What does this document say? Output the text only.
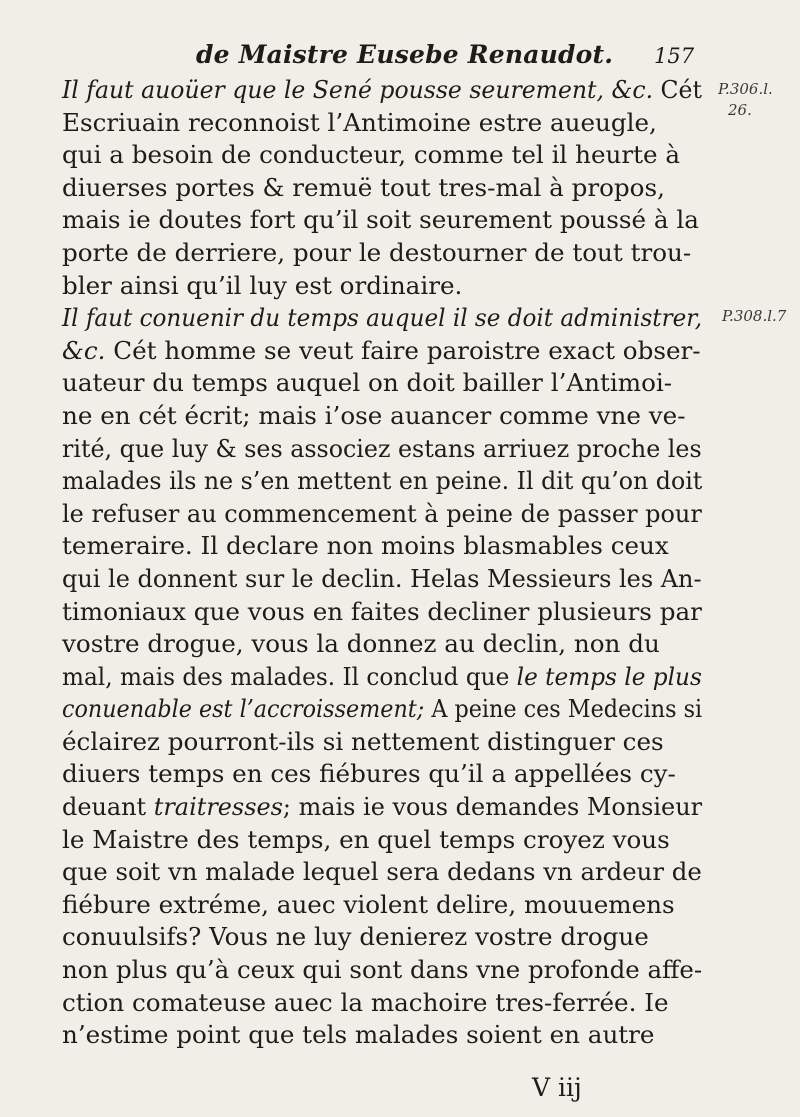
de Maistre Eusebe Renaudot. 157
P.306.l.
26.
P.308.l.7
Il faut auoüer que le Sené pousse seurement, &c. Cét
Escriuain reconnoist l’Antimoine estre aueugle,
qui a besoin de conducteur, comme tel il heurte à
diuerses portes & remuë tout tres-mal à propos,
mais ie doutes fort qu’il soit seurement poussé à la
porte de derriere, pour le destourner de tout trou-
bler ainsi qu’il luy est ordinaire.
Il faut conuenir du temps auquel il se doit administrer,
&c. Cét homme se veut faire paroistre exact obser-
uateur du temps auquel on doit bailler l’Antimoi-
ne en cét écrit; mais i’ose auancer comme vne ve-
rité, que luy & ses associez estans arriuez proche les
malades ils ne s’en mettent en peine. Il dit qu’on doit
le refuser au commencement à peine de passer pour
temeraire. Il declare non moins blasmables ceux
qui le donnent sur le declin. Helas Messieurs les An-
timoniaux que vous en faites decliner plusieurs par
vostre drogue, vous la donnez au declin, non du
mal, mais des malades. Il conclud que le temps le plus
conuenable est l’accroissement; A peine ces Medecins si
éclairez pourront-ils si nettement distinguer ces
diuers temps en ces fiébures qu’il a appellées cy-
deuant traitresses; mais ie vous demandes Monsieur
le Maistre des temps, en quel temps croyez vous
que soit vn malade lequel sera dedans vn ardeur de
fiébure extréme, auec violent delire, mouuemens
conuulsifs? Vous ne luy denierez vostre drogue
non plus qu’à ceux qui sont dans vne profonde affe-
ction comateuse auec la machoire tres-ferrée. Ie
n’estime point que tels malades soient en autre
V iij
